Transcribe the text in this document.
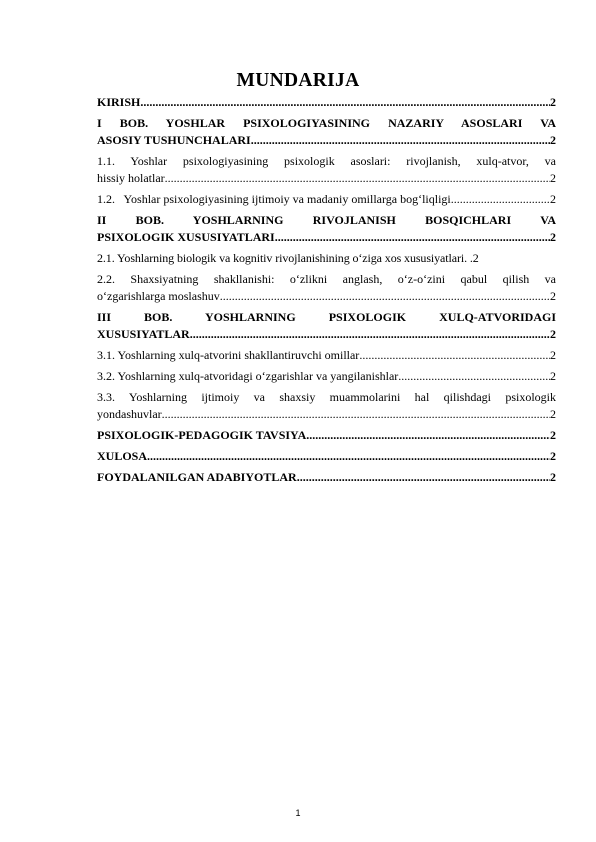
MUNDARIJA
KIRISH .....	2
I BOB. YOSHLAR PSIXOLOGIYASINING NAZARIY ASOSLARI VA
ASOSIY TUSHUNCHALARI .....	2
1.1. Yoshlar psixologiyasining psixologik asoslari: rivojlanish, xulq-atvor, va
hissiy holatlar .....	2
1.2.   Yoshlar psixologiyasining ijtimoiy va madaniy omillarga bog‘liqligi .....	2
II BOB. YOSHLARNING RIVOJLANISH BOSQICHLARI VA
PSIXOLOGIK XUSUSIYATLARI .....	2
2.1. Yoshlarning biologik va kognitiv rivojlanishining o‘ziga xos xususiyatlari. . 2
2.2. Shaxsiyatning shakllanishi: o‘zlikni anglash, o‘z-o‘zini qabul qilish va
o‘zgarishlarga moslashuv .....	2
III BOB. YOSHLARNING PSIXOLOGIK XULQ-ATVORIDAGI
XUSUSIYATLAR .....	2
3.1. Yoshlarning xulq-atvorini shakllantiruvchi omillar .....	2
3.2. Yoshlarning xulq-atvoridagi o‘zgarishlar va yangilanishlar .....	2
3.3. Yoshlarning ijtimoiy va shaxsiy muammolarini hal qilishdagi psixologik
yondashuvlar .....	2
PSIXOLOGIK-PEDAGOGIK TAVSIYA .....	2
XULOSA .....	2
FOYDALANILGAN ADABIYOTLAR .....	2
1
